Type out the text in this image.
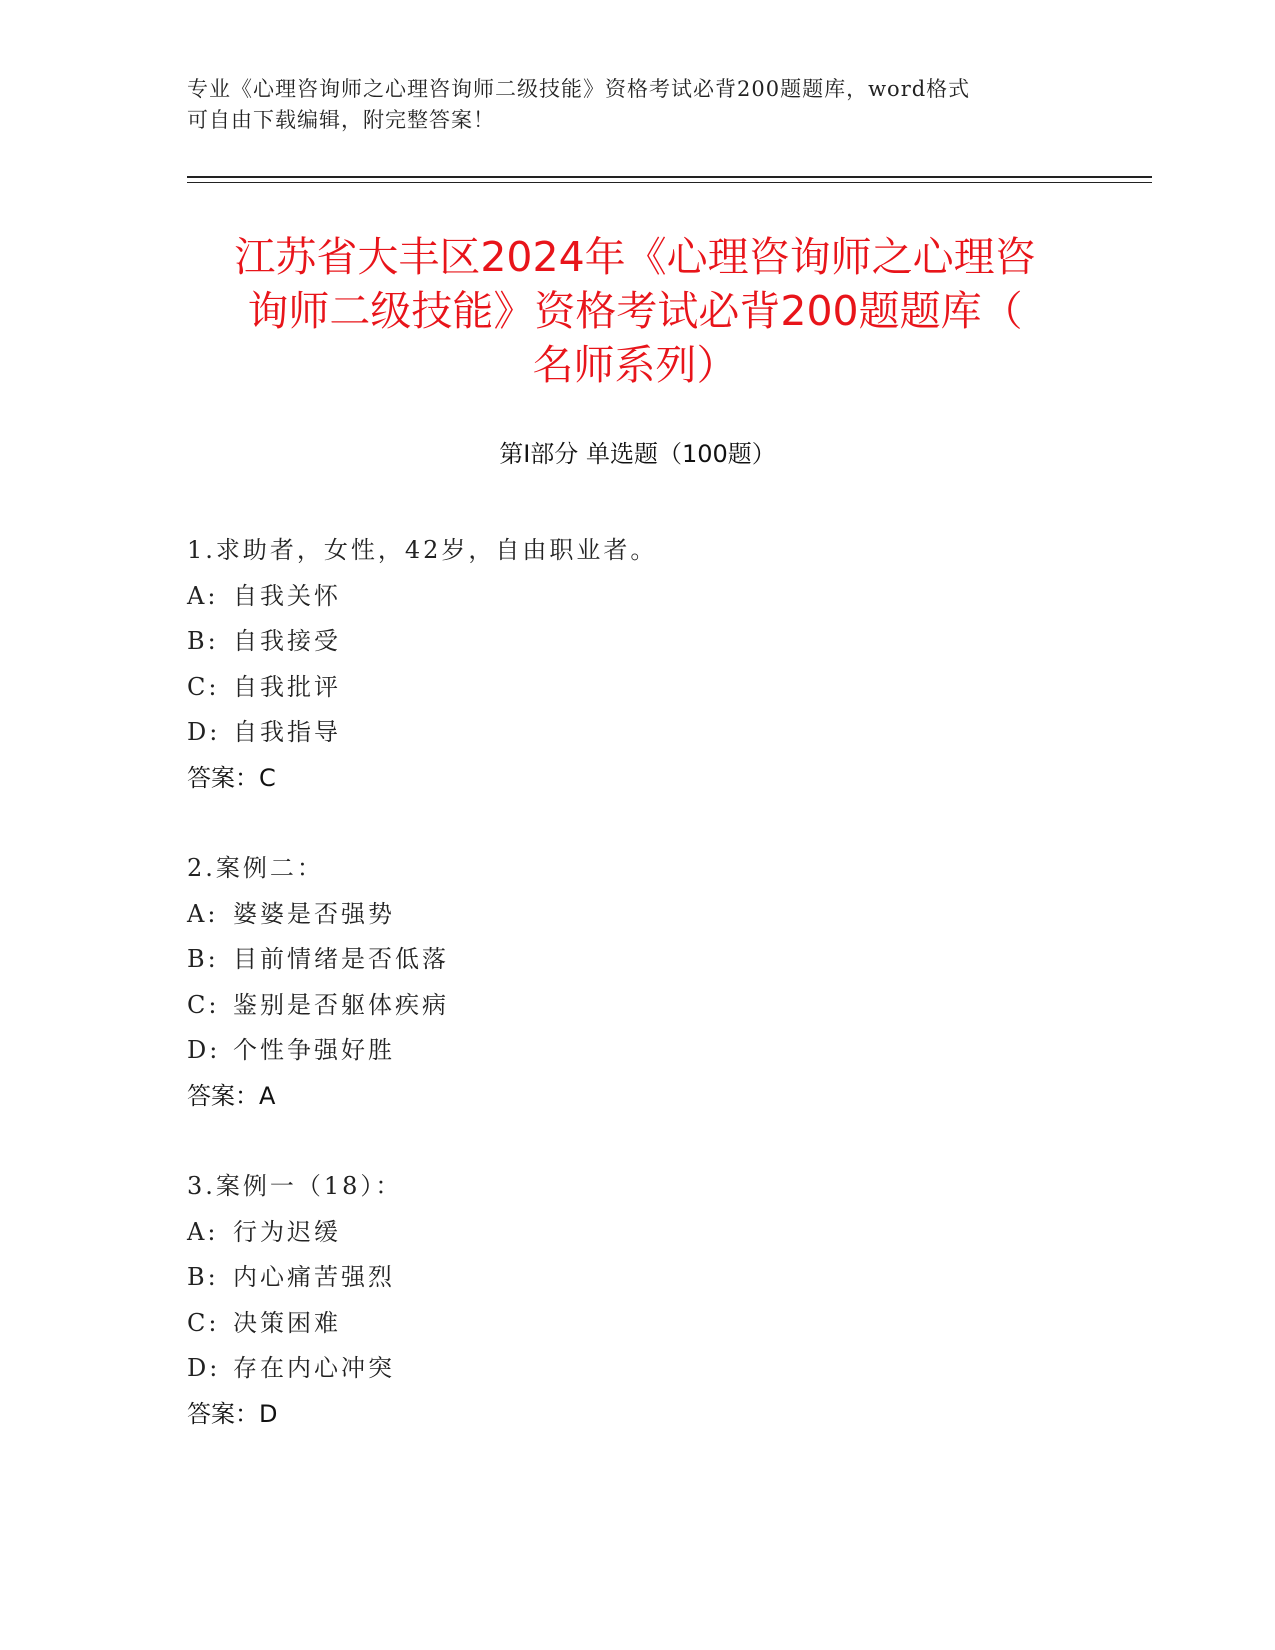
专业《心理咨询师之心理咨询师二级技能》资格考试必背200题题库，word格式
可自由下载编辑，附完整答案！
江苏省大丰区2024年《心理咨询师之心理咨
询师二级技能》资格考试必背200题题库（
名师系列）
第Ⅰ部分 单选题（100题）
1.求助者，女性，42岁，自由职业者。
A: 自我关怀
B: 自我接受
C: 自我批评
D: 自我指导
答案：C
2.案例二：
A: 婆婆是否强势
B: 目前情绪是否低落
C: 鉴别是否躯体疾病
D: 个性争强好胜
答案：A
3.案例一（18）：
A: 行为迟缓
B: 内心痛苦强烈
C: 决策困难
D: 存在内心冲突
答案：D
